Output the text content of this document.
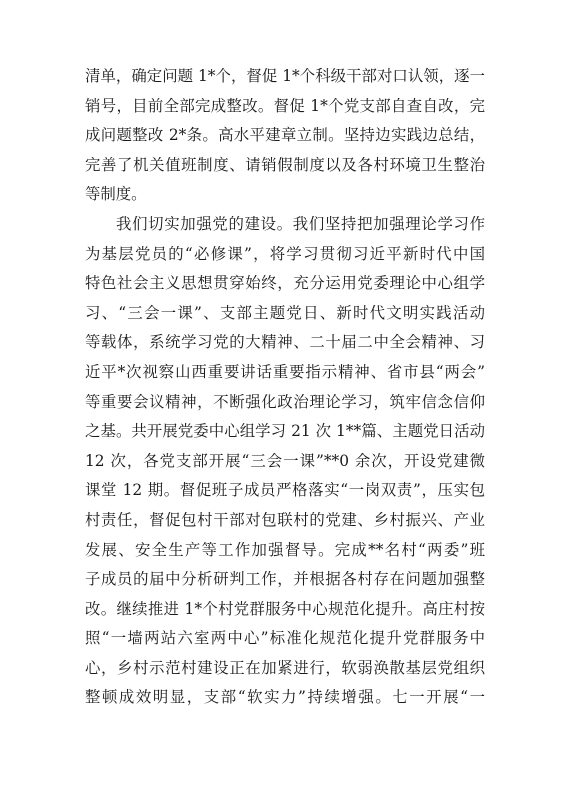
清单，确定问题 1*个，督促 1*个科级干部对口认领，逐一
销号，目前全部完成整改。督促 1*个党支部自查自改，完
成问题整改 2*条。高水平建章立制。坚持边实践边总结，
完善了机关值班制度、请销假制度以及各村环境卫生整治
等制度。
我们切实加强党的建设。我们坚持把加强理论学习作
为基层党员的“必修课”，将学习贯彻习近平新时代中国
特色社会主义思想贯穿始终，充分运用党委理论中心组学
习、“三会一课”、支部主题党日、新时代文明实践活动
等载体，系统学习党的大精神、二十届二中全会精神、习
近平*次视察山西重要讲话重要指示精神、省市县“两会”
等重要会议精神，不断强化政治理论学习，筑牢信念信仰
之基。共开展党委中心组学习 21 次 1**篇、主题党日活动
12 次，各党支部开展“三会一课”**0 余次，开设党建微
课堂 12 期。督促班子成员严格落实“一岗双责”，压实包
村责任，督促包村干部对包联村的党建、乡村振兴、产业
发展、安全生产等工作加强督导。完成**名村“两委”班
子成员的届中分析研判工作，并根据各村存在问题加强整
改。继续推进 1*个村党群服务中心规范化提升。高庄村按
照“一墙两站六室两中心”标准化规范化提升党群服务中
心，乡村示范村建设正在加紧进行，软弱涣散基层党组织
整顿成效明显，支部“软实力”持续增强。七一开展“一
